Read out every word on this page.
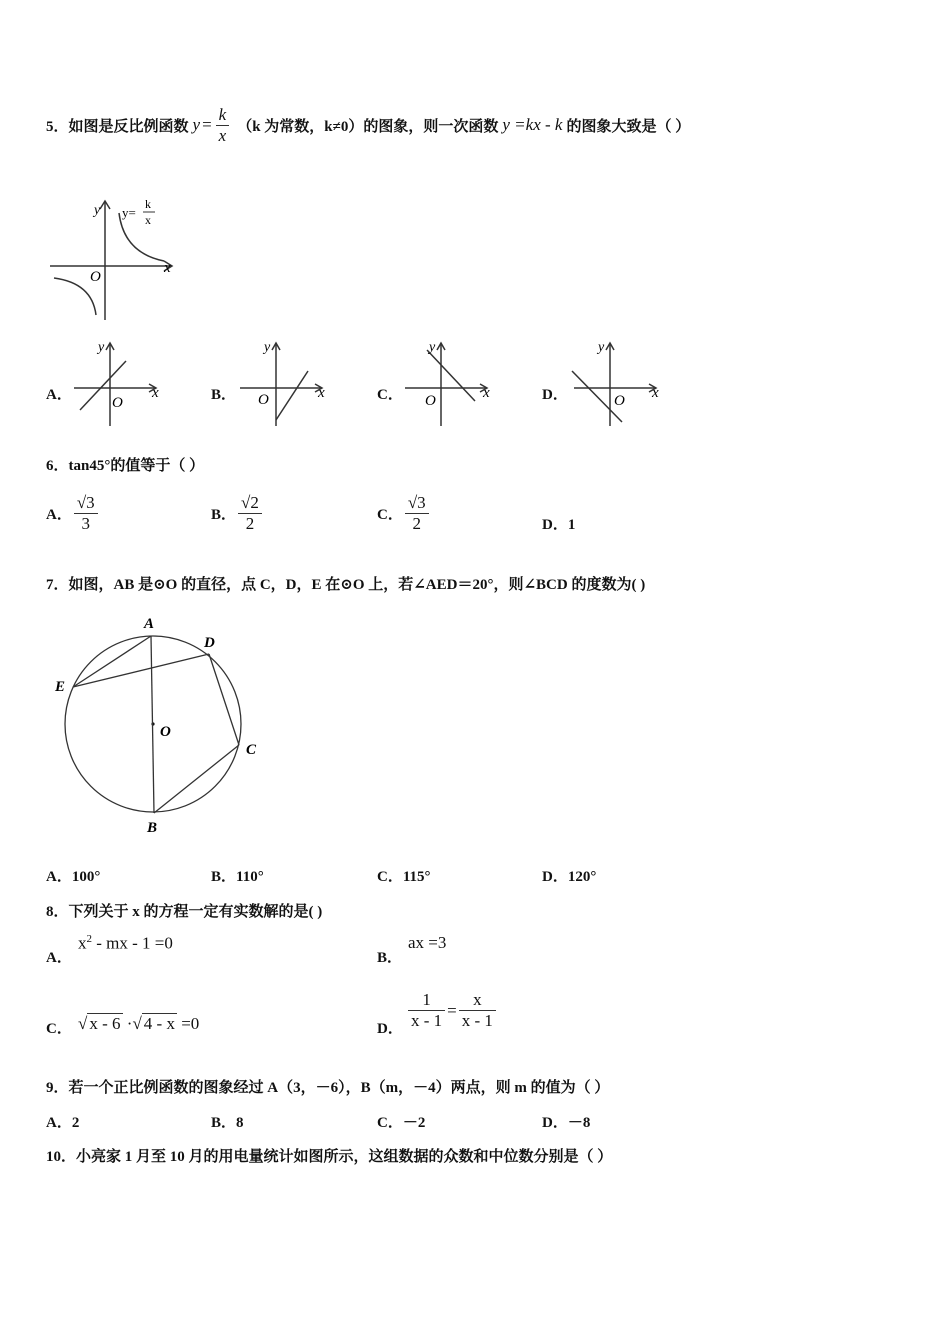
5． 如图是反比例函数 $y = \frac{k}{x} (k$ 为常数，k≠0）的图象，则一次函数 y =kx - k 的图象大致是（ ）
y
x
O
y=
k
x
A．
y
x
O	B．
y
x
O	C．
y
x
O	D．
y
x
O
6．tan45°的值等于（ ）
A． $\frac{√3}{3}$	B． $\frac{√2}{2}$	C． $\frac{√3}{2}$	D．1
7．如图，AB 是⊙O 的直径，点 C，D，E 在⊙O 上，若∠AED＝20°，则∠BCD 的度数为( )
A
D
E
O
C
B
A．100°	B．110°	C．115°	D．120°
8．下列关于 x 的方程一定有实数解的是( )
A．
$x^2$ - mx - 1 =0
B．
ax =3
C． √ x - 6 ·√ 4 - x =0	D． $\frac{1}{x - 1} = \frac{x}{x - 1}$
9．若一个正比例函数的图象经过 A（3，－6），B（m，－4）两点，则 m 的值为（ ）
A．2	B．8	C．－2	D．－8
10．小亮家 1 月至 10 月的用电量统计如图所示，这组数据的众数和中位数分别是（ ）
